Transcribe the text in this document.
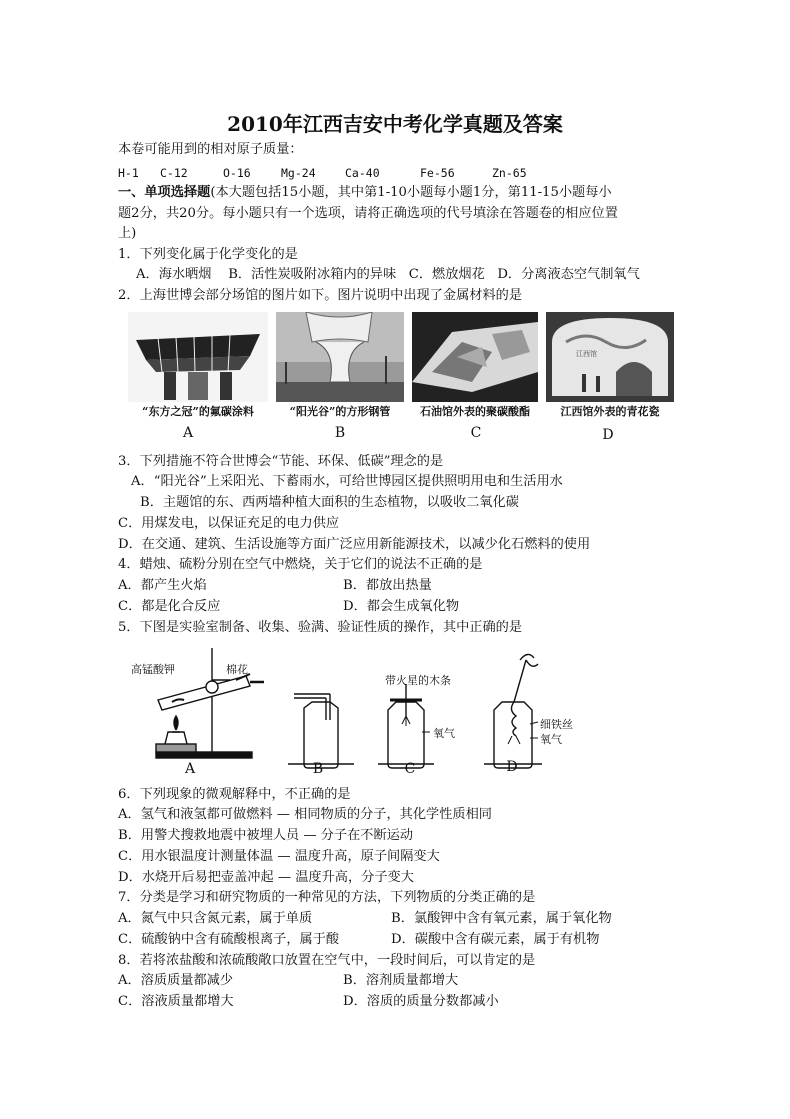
2010年江西吉安中考化学真题及答案
本卷可能用到的相对原子质量：
H-1 C-12	O-16	Mg-24	Ca-40	Fe-56	Zn-65
一、单项选择题(本大题包括15小题，其中第1-10小题每小题1分，第11-15小题每小
题2分，共20分。每小题只有一个选项，请将正确选项的代号填涂在答题卷的相应位置
上)
1．下列变化属于化学变化的是
A．海水晒烟    B．活性炭吸附冰箱内的异味   C．燃放烟花   D．分离液态空气制氧气
2．上海世博会部分场馆的图片如下。图片说明中出现了金属材料的是
江西馆
“东方之冠”的氟碳涂料	“阳光谷”的方形钢管	石油馆外表的聚碳酸酯	江西馆外表的青花瓷
A	B	C	D
3．下列措施不符合世博会“节能、环保、低碳”理念的是
A．“阳光谷”上采阳光、下蓄雨水，可给世博园区提供照明用电和生活用水
B．主题馆的东、西两墙种植大面积的生态植物，以吸收二氧化碳
C．用煤发电，以保证充足的电力供应
D．在交通、建筑、生活设施等方面广泛应用新能源技术，以减少化石燃料的使用
4．蜡烛、硫粉分别在空气中燃烧，关于它们的说法不正确的是
A．都产生火焰	B．都放出热量
C．都是化合反应	D．都会生成氧化物
5．下图是实验室制备、收集、验满、验证性质的操作，其中正确的是
高锰酸钾	棉花
带火星的木条
氧气
细铁丝
氧气
A	B	C	D
6．下列现象的微观解释中，不正确的是
A．氢气和液氢都可做燃料 — 相同物质的分子，其化学性质相同
B．用警犬搜救地震中被埋人员 — 分子在不断运动
C．用水银温度计测量体温 — 温度升高，原子间隔变大
D．水烧开后易把壶盖冲起 — 温度升高，分子变大
7．分类是学习和研究物质的一种常见的方法，下列物质的分类正确的是
A．氮气中只含氮元素，属于单质	B．氯酸钾中含有氧元素，属于氧化物
C．硫酸钠中含有硫酸根离子，属于酸	D．碳酸中含有碳元素，属于有机物
8．若将浓盐酸和浓硫酸敞口放置在空气中，一段时间后，可以肯定的是
A．溶质质量都减少	B．溶剂质量都增大
C．溶液质量都增大	D．溶质的质量分数都减小
